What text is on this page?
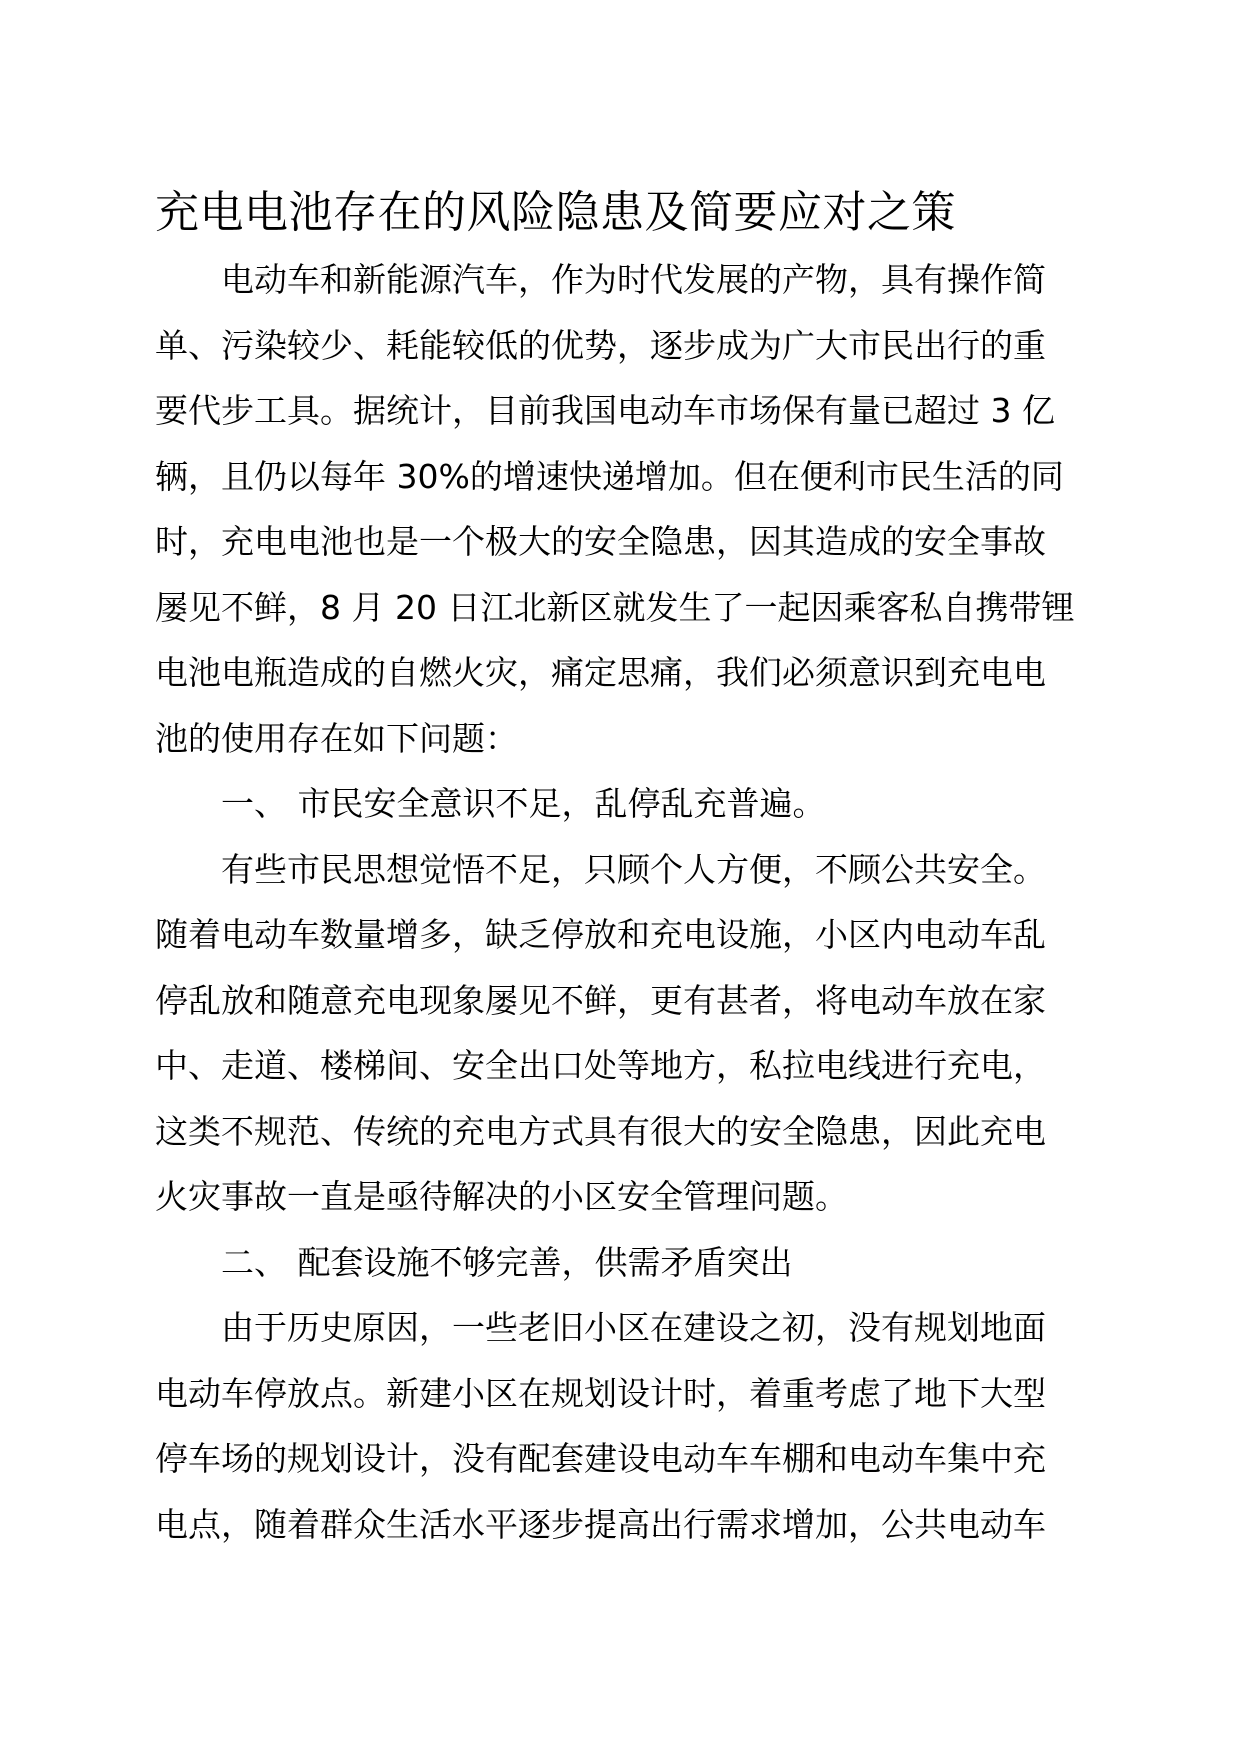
充电电池存在的风险隐患及简要应对之策
电动车和新能源汽车，作为时代发展的产物，具有操作简
单、污染较少、耗能较低的优势，逐步成为广大市民出行的重
要代步工具。据统计，目前我国电动车市场保有量已超过 3 亿
辆，且仍以每年 30%的增速快递增加。但在便利市民生活的同
时，充电电池也是一个极大的安全隐患，因其造成的安全事故
屡见不鲜，8 月 20 日江北新区就发生了一起因乘客私自携带锂
电池电瓶造成的自燃火灾，痛定思痛，我们必须意识到充电电
池的使用存在如下问题：
一、 市民安全意识不足，乱停乱充普遍。
有些市民思想觉悟不足，只顾个人方便，不顾公共安全。
随着电动车数量增多，缺乏停放和充电设施，小区内电动车乱
停乱放和随意充电现象屡见不鲜，更有甚者，将电动车放在家
中、走道、楼梯间、安全出口处等地方，私拉电线进行充电，
这类不规范、传统的充电方式具有很大的安全隐患，因此充电
火灾事故一直是亟待解决的小区安全管理问题。
二、 配套设施不够完善，供需矛盾突出
由于历史原因，一些老旧小区在建设之初，没有规划地面
电动车停放点。新建小区在规划设计时，着重考虑了地下大型
停车场的规划设计，没有配套建设电动车车棚和电动车集中充
电点，随着群众生活水平逐步提高出行需求增加，公共电动车
